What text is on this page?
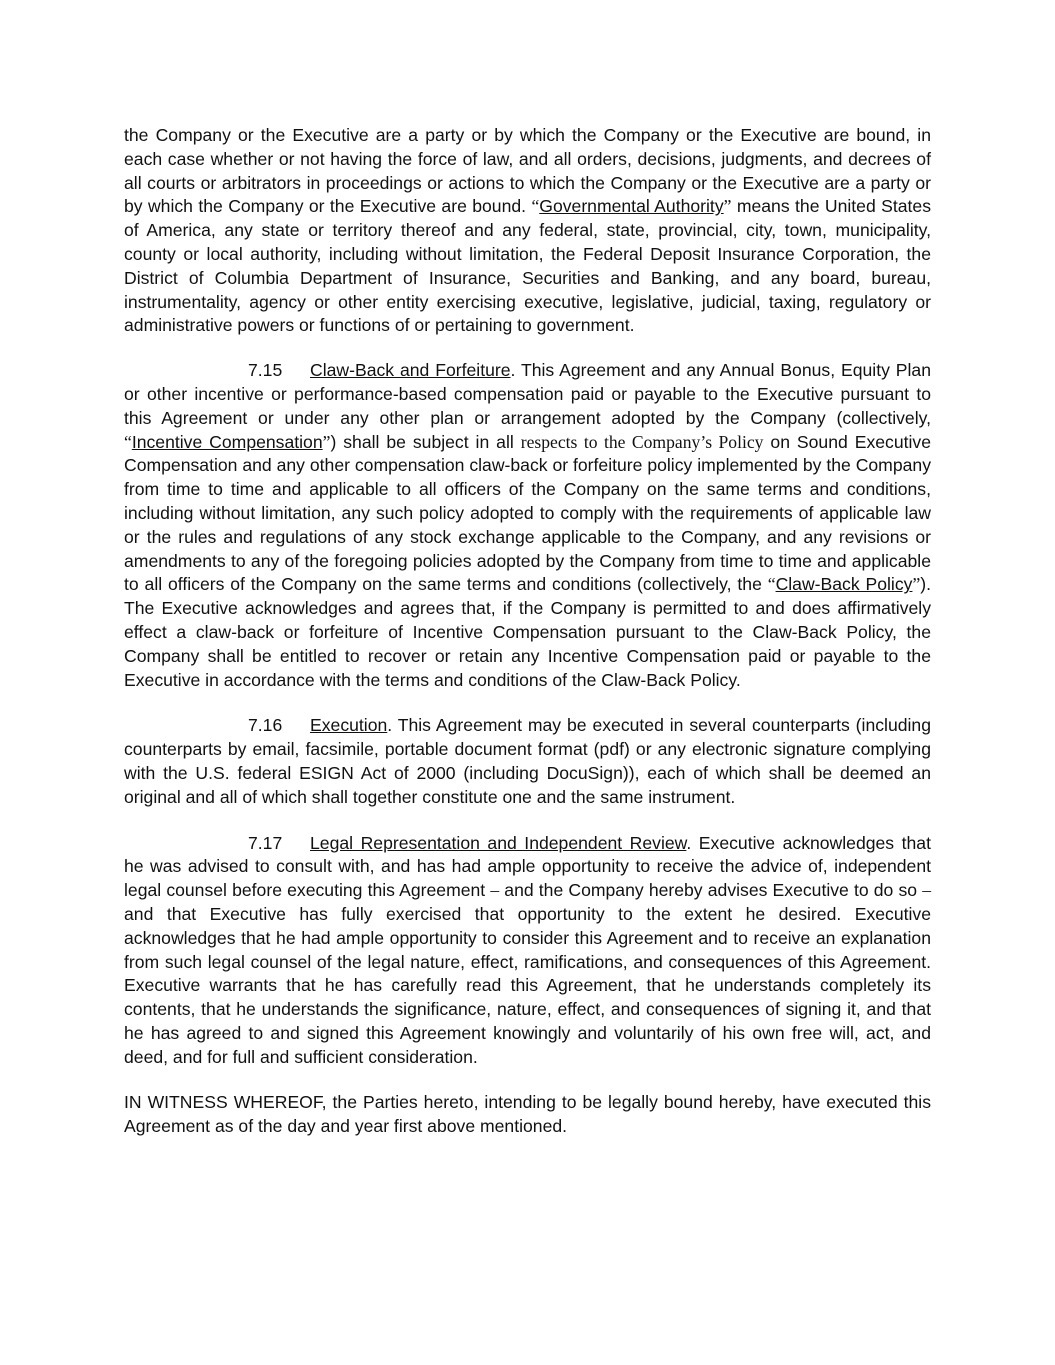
the Company or the Executive are a party or by which the Company or the Executive are bound, in each case whether or not having the force of law, and all orders, decisions, judgments, and decrees of all courts or arbitrators in proceedings or actions to which the Company or the Executive are a party or by which the Company or the Executive are bound. “Governmental Authority” means the United States of America, any state or territory thereof and any federal, state, provincial, city, town, municipality, county or local authority, including without limitation, the Federal Deposit Insurance Corporation, the District of Columbia Department of Insurance, Securities and Banking, and any board, bureau, instrumentality, agency or other entity exercising executive, legislative, judicial, taxing, regulatory or administrative powers or functions of or pertaining to government.

7.15 Claw-Back and Forfeiture. This Agreement and any Annual Bonus, Equity Plan or other incentive or performance-based compensation paid or payable to the Executive pursuant to this Agreement or under any other plan or arrangement adopted by the Company (collectively, “Incentive Compensation”) shall be subject in all respects to the Company’s Policy on Sound Executive Compensation and any other compensation claw-back or forfeiture policy implemented by the Company from time to time and applicable to all officers of the Company on the same terms and conditions, including without limitation, any such policy adopted to comply with the requirements of applicable law or the rules and regulations of any stock exchange applicable to the Company, and any revisions or amendments to any of the foregoing policies adopted by the Company from time to time and applicable to all officers of the Company on the same terms and conditions (collectively, the “Claw-Back Policy”). The Executive acknowledges and agrees that, if the Company is permitted to and does affirmatively effect a claw-back or forfeiture of Incentive Compensation pursuant to the Claw-Back Policy, the Company shall be entitled to recover or retain any Incentive Compensation paid or payable to the Executive in accordance with the terms and conditions of the Claw-Back Policy.

7.16 Execution. This Agreement may be executed in several counterparts (including counterparts by email, facsimile, portable document format (pdf) or any electronic signature complying with the U.S. federal ESIGN Act of 2000 (including DocuSign)), each of which shall be deemed an original and all of which shall together constitute one and the same instrument.

7.17 Legal Representation and Independent Review. Executive acknowledges that he was advised to consult with, and has had ample opportunity to receive the advice of, independent legal counsel before executing this Agreement – and the Company hereby advises Executive to do so – and that Executive has fully exercised that opportunity to the extent he desired. Executive acknowledges that he had ample opportunity to consider this Agreement and to receive an explanation from such legal counsel of the legal nature, effect, ramifications, and consequences of this Agreement. Executive warrants that he has carefully read this Agreement, that he understands completely its contents, that he understands the significance, nature, effect, and consequences of signing it, and that he has agreed to and signed this Agreement knowingly and voluntarily of his own free will, act, and deed, and for full and sufficient consideration.

IN WITNESS WHEREOF, the Parties hereto, intending to be legally bound hereby, have executed this Agreement as of the day and year first above mentioned.
